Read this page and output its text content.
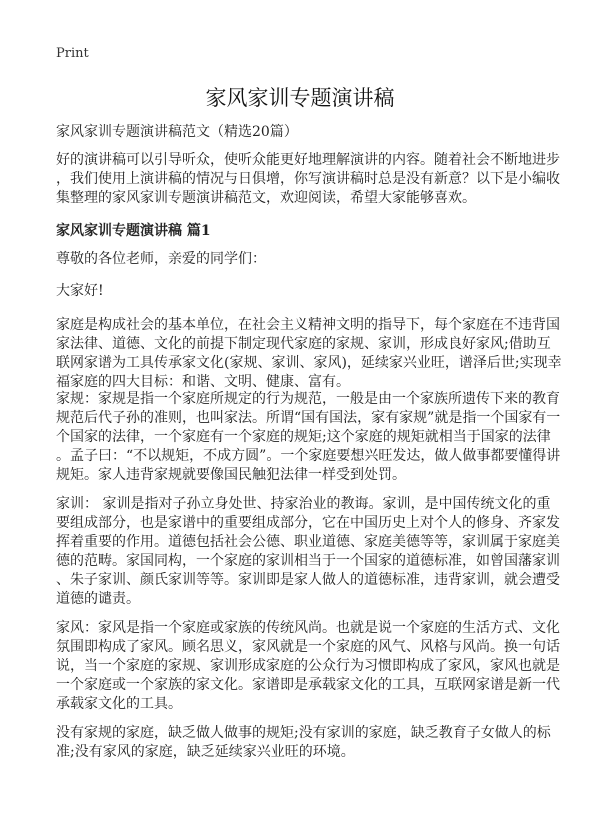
Print
家风家训专题演讲稿
家风家训专题演讲稿范文（精选20篇）
好的演讲稿可以引导听众，使听众能更好地理解演讲的内容。随着社会不断地进步
，我们使用上演讲稿的情况与日俱增，你写演讲稿时总是没有新意？以下是小编收
集整理的家风家训专题演讲稿范文，欢迎阅读，希望大家能够喜欢。
家风家训专题演讲稿 篇1
尊敬的各位老师，亲爱的同学们：
大家好!
家庭是构成社会的基本单位，在社会主义精神文明的指导下，每个家庭在不违背国
家法律、道德、文化的前提下制定现代家庭的家规、家训，形成良好家风;借助互
联网家谱为工具传承家文化(家规、家训、家风)，延续家兴业旺，谱泽后世;实现幸
福家庭的四大目标：和谐、文明、健康、富有。
家规：家规是指一个家庭所规定的行为规范，一般是由一个家族所遗传下来的教育
规范后代子孙的准则，也叫家法。所谓“国有国法，家有家规”就是指一个国家有一
个国家的法律，一个家庭有一个家庭的规矩;这个家庭的规矩就相当于国家的法律
。孟子曰：“不以规矩，不成方圆”。一个家庭要想兴旺发达，做人做事都要懂得讲
规矩。家人违背家规就要像国民触犯法律一样受到处罚。
家训： 家训是指对子孙立身处世、持家治业的教诲。家训，是中国传统文化的重
要组成部分，也是家谱中的重要组成部分，它在中国历史上对个人的修身、齐家发
挥着重要的作用。道德包括社会公德、职业道德、家庭美德等等，家训属于家庭美
德的范畴。家国同构，一个家庭的家训相当于一个国家的道德标准，如曾国藩家训
、朱子家训、颜氏家训等等。家训即是家人做人的道德标准，违背家训，就会遭受
道德的谴责。
家风：家风是指一个家庭或家族的传统风尚。也就是说一个家庭的生活方式、文化
氛围即构成了家风。顾名思义，家风就是一个家庭的风气、风格与风尚。换一句话
说，当一个家庭的家规、家训形成家庭的公众行为习惯即构成了家风，家风也就是
一个家庭或一个家族的家文化。家谱即是承载家文化的工具，互联网家谱是新一代
承载家文化的工具。
没有家规的家庭，缺乏做人做事的规矩;没有家训的家庭，缺乏教育子女做人的标
准;没有家风的家庭，缺乏延续家兴业旺的环境。
